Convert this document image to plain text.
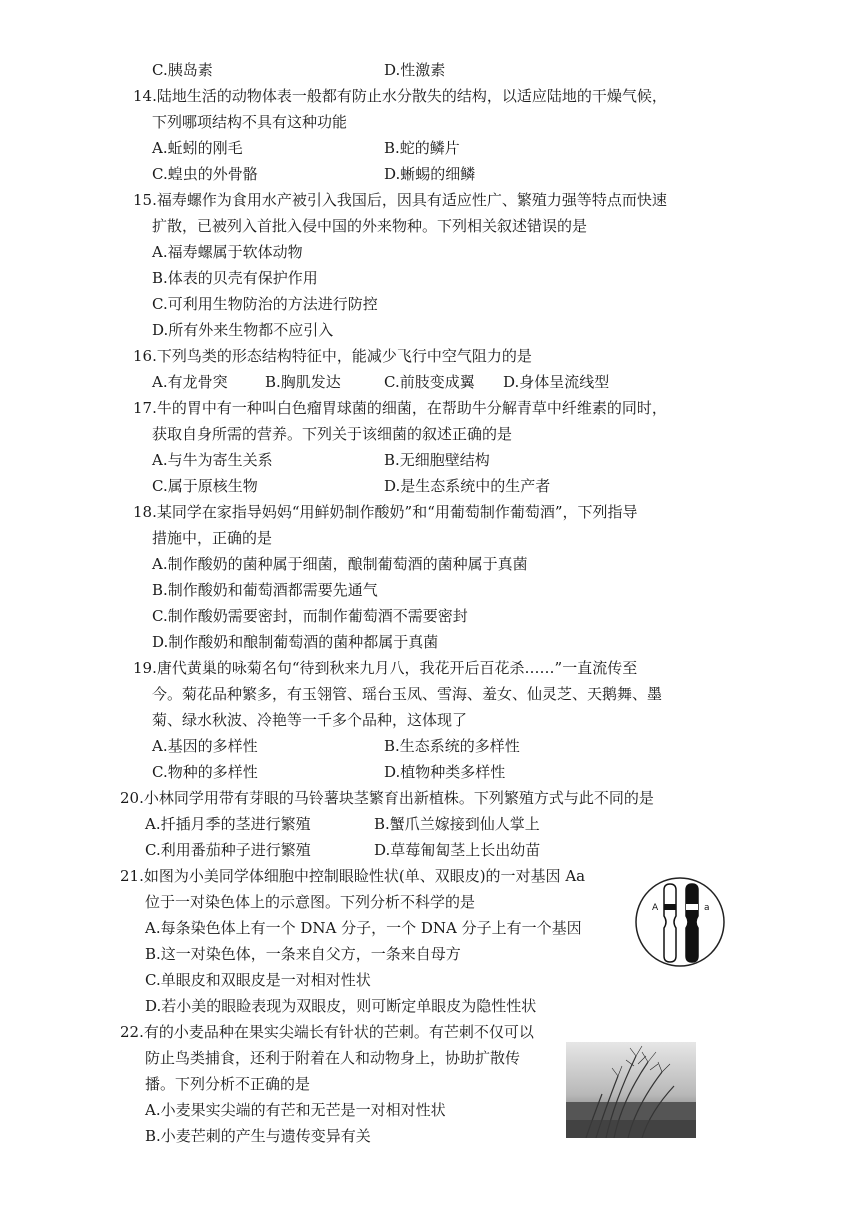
C.胰岛素	D.性激素
14.陆地生活的动物体表一般都有防止水分散失的结构，以适应陆地的干燥气候，
下列哪项结构不具有这种功能
A.蚯蚓的刚毛	B.蛇的鳞片
C.蝗虫的外骨骼	D.蜥蜴的细鳞
15.福寿螺作为食用水产被引入我国后，因具有适应性广、繁殖力强等特点而快速
扩散，已被列入首批入侵中国的外来物种。下列相关叙述错误的是
A.福寿螺属于软体动物
B.体表的贝壳有保护作用
C.可利用生物防治的方法进行防控
D.所有外来生物都不应引入
16.下列鸟类的形态结构特征中，能减少飞行中空气阻力的是
A.有龙骨突 B.胸肌发达	C.前肢变成翼 D.身体呈流线型
17.牛的胃中有一种叫白色瘤胃球菌的细菌，在帮助牛分解青草中纤维素的同时，
获取自身所需的营养。下列关于该细菌的叙述正确的是
A.与牛为寄生关系	B.无细胞壁结构
C.属于原核生物	D.是生态系统中的生产者
18.某同学在家指导妈妈“用鲜奶制作酸奶”和“用葡萄制作葡萄酒”，下列指导
措施中，正确的是
A.制作酸奶的菌种属于细菌，酿制葡萄酒的菌种属于真菌
B.制作酸奶和葡萄酒都需要先通气
C.制作酸奶需要密封，而制作葡萄酒不需要密封
D.制作酸奶和酿制葡萄酒的菌种都属于真菌
19.唐代黄巢的咏菊名句“待到秋来九月八，我花开后百花杀……”一直流传至
今。菊花品种繁多，有玉翎管、瑶台玉凤、雪海、羞女、仙灵芝、天鹅舞、墨
菊、绿水秋波、冷艳等一千多个品种，这体现了
A.基因的多样性	B.生态系统的多样性
C.物种的多样性	D.植物种类多样性
20.小林同学用带有芽眼的马铃薯块茎繁育出新植株。下列繁殖方式与此不同的是
A.扦插月季的茎进行繁殖	B.蟹爪兰嫁接到仙人掌上
C.利用番茄种子进行繁殖	D.草莓匍匐茎上长出幼苗
21.如图为小美同学体细胞中控制眼睑性状(单、双眼皮)的一对基因 Aa
位于一对染色体上的示意图。下列分析不科学的是
A.每条染色体上有一个 DNA 分子，一个 DNA 分子上有一个基因
B.这一对染色体，一条来自父方，一条来自母方
C.单眼皮和双眼皮是一对相对性状
D.若小美的眼睑表现为双眼皮，则可断定单眼皮为隐性性状
A	a
22.有的小麦品种在果实尖端长有针状的芒刺。有芒刺不仅可以
防止鸟类捕食，还利于附着在人和动物身上，协助扩散传
播。下列分析不正确的是
A.小麦果实尖端的有芒和无芒是一对相对性状
B.小麦芒刺的产生与遗传变异有关
